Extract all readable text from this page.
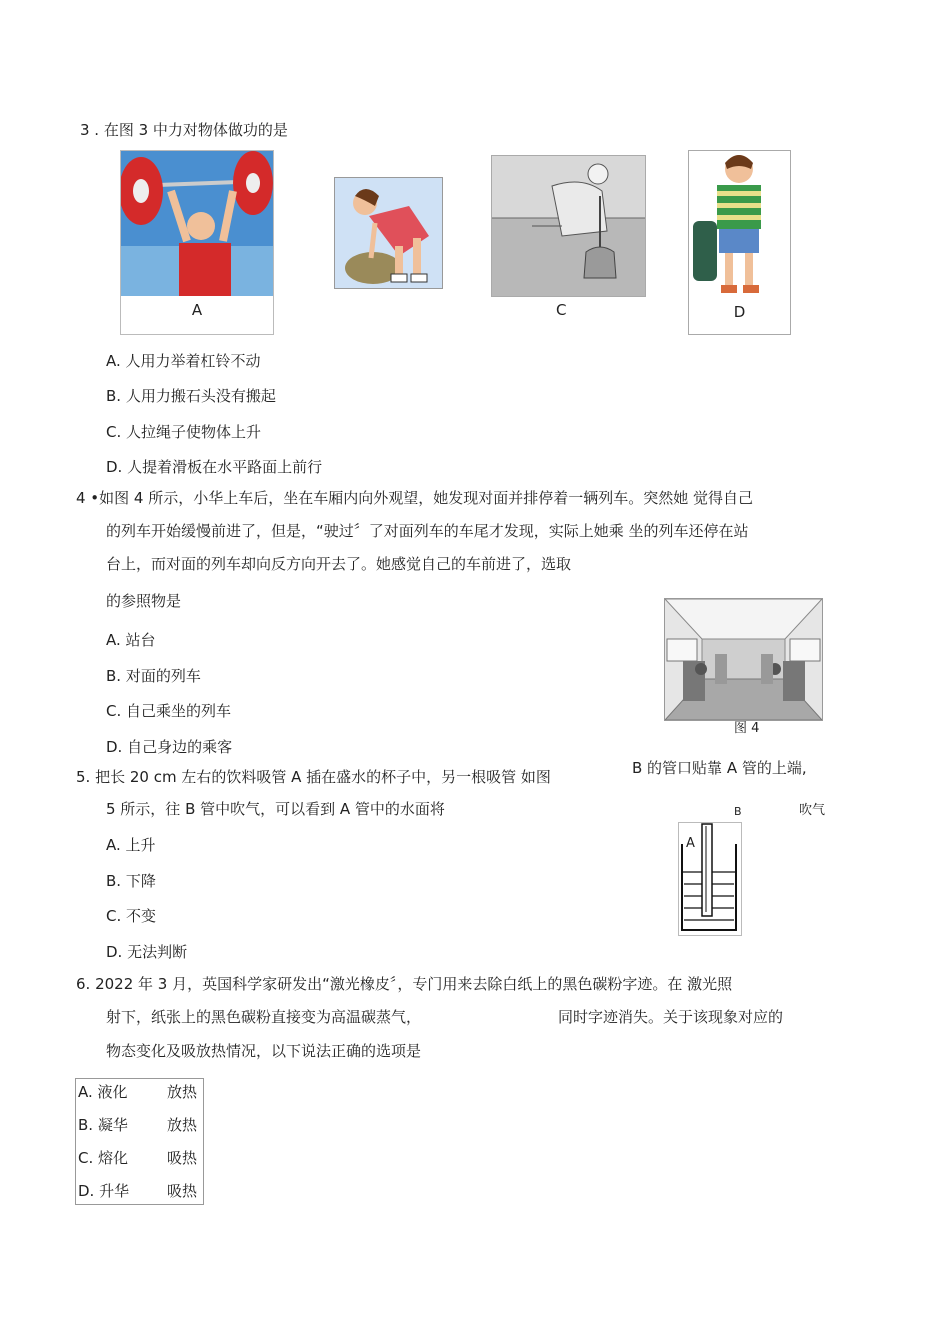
3 . 在图 3 中力对物体做功的是
A	C	D
A. 人用力举着杠铃不动
B. 人用力搬石头没有搬起
C. 人拉绳子使物体上升
D. 人提着滑板在水平路面上前行
4 •如图 4 所示，小华上车后，坐在车厢内向外观望，她发现对面并排停着一辆列车。突然她 觉得自己
的列车开始缓慢前进了，但是，“驶过〞了对面列车的车尾才发现，实际上她乘 坐的列车还停在站
台上，而对面的列车却向反方向开去了。她感觉自己的车前进了，选取
的参照物是
图 4
A. 站台
B. 对面的列车
C. 自己乘坐的列车
D. 自己身边的乘客
5. 把长 20 cm 左右的饮料吸管 A 插在盛水的杯子中，另一根吸管 如图	B 的管口贴靠 A 管的上端,
5 所示，往 B 管中吹气，可以看到 A 管中的水面将	B	吹气
A
A. 上升
B. 下降
C. 不变
D. 无法判断
6. 2022 年 3 月，英国科学家研发出“激光橡皮〞，专门用来去除白纸上的黑色碳粉字迹。在 激光照
射下，纸张上的黑色碳粉直接变为高温碳蒸气，	同时字迹消失。关于该现象对应的
物态变化及吸放热情况，以下说法正确的选项是
A. 液化	放热
B. 凝华	放热
C. 熔化	吸热
D. 升华	吸热
